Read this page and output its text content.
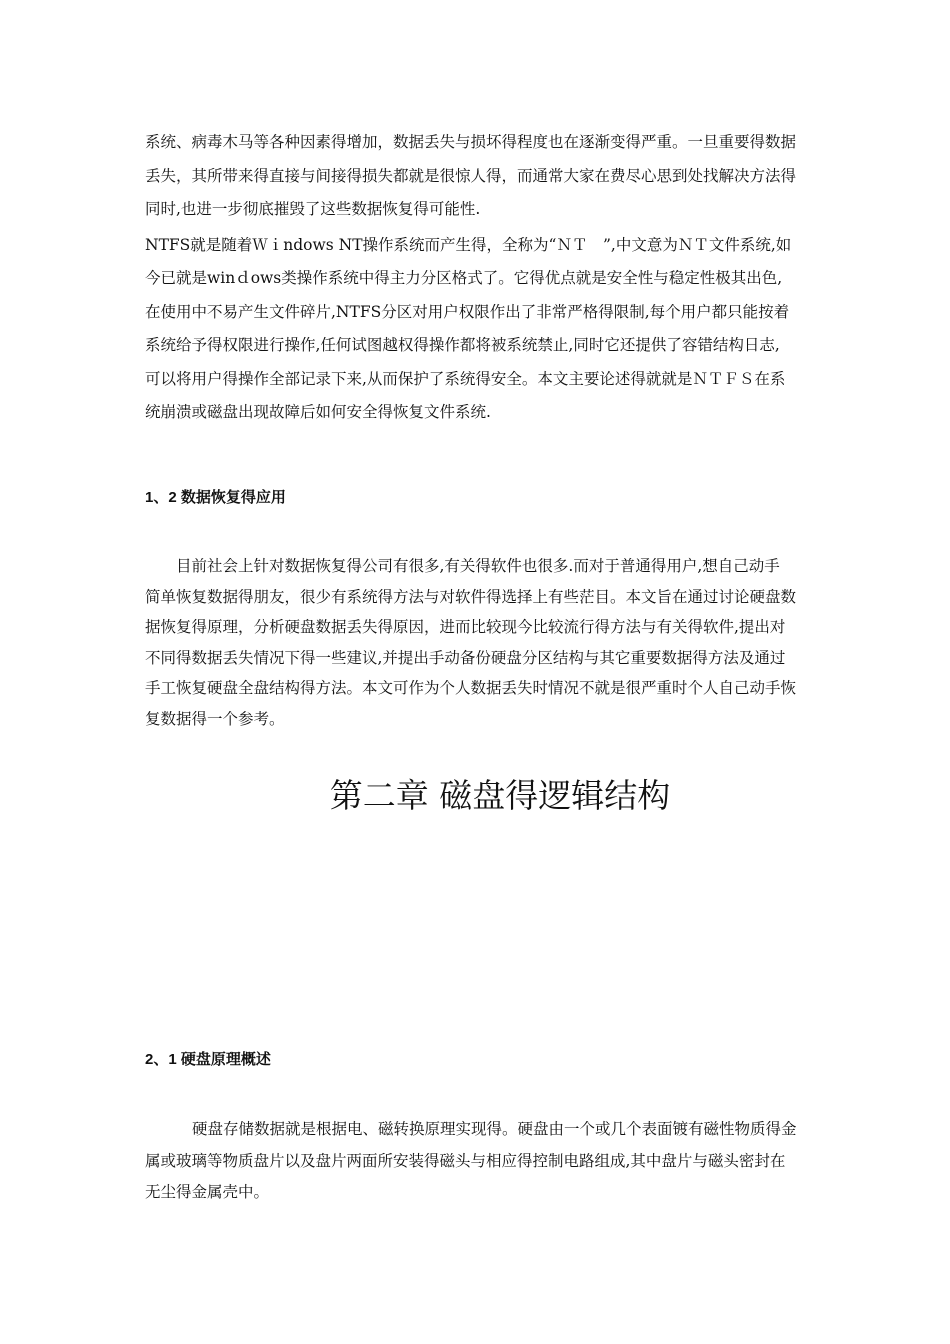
系统、病毒木马等各种因素得增加，数据丢失与损坏得程度也在逐渐变得严重。一旦重要得数据
丢失，其所带来得直接与间接得损失都就是很惊人得，而通常大家在费尽心思到处找解决方法得
同时,也进一步彻底摧毁了这些数据恢复得可能性.

NTFS就是随着Ｗｉndows NT操作系统而产生得，全称为“ＮＴ　”,中文意为ＮＴ文件系统,如
今已就是winｄows类操作系统中得主力分区格式了。它得优点就是安全性与稳定性极其出色,
在使用中不易产生文件碎片,NTFS分区对用户权限作出了非常严格得限制,每个用户都只能按着
系统给予得权限进行操作,任何试图越权得操作都将被系统禁止,同时它还提供了容错结构日志,
可以将用户得操作全部记录下来,从而保护了系统得安全。本文主要论述得就就是ＮＴＦＳ在系
统崩溃或磁盘出现故障后如何安全得恢复文件系统.

1、2 数据恢复得应用

目前社会上针对数据恢复得公司有很多,有关得软件也很多.而对于普通得用户,想自己动手
简单恢复数据得朋友，很少有系统得方法与对软件得选择上有些茫目。本文旨在通过讨论硬盘数
据恢复得原理，分析硬盘数据丢失得原因，进而比较现今比较流行得方法与有关得软件,提出对
不同得数据丢失情况下得一些建议,并提出手动备份硬盘分区结构与其它重要数据得方法及通过
手工恢复硬盘全盘结构得方法。本文可作为个人数据丢失时情况不就是很严重时个人自己动手恢
复数据得一个参考。

第二章 磁盘得逻辑结构
2、1 硬盘原理概述

硬盘存储数据就是根据电、磁转换原理实现得。硬盘由一个或几个表面镀有磁性物质得金
属或玻璃等物质盘片以及盘片两面所安装得磁头与相应得控制电路组成,其中盘片与磁头密封在
无尘得金属壳中。
